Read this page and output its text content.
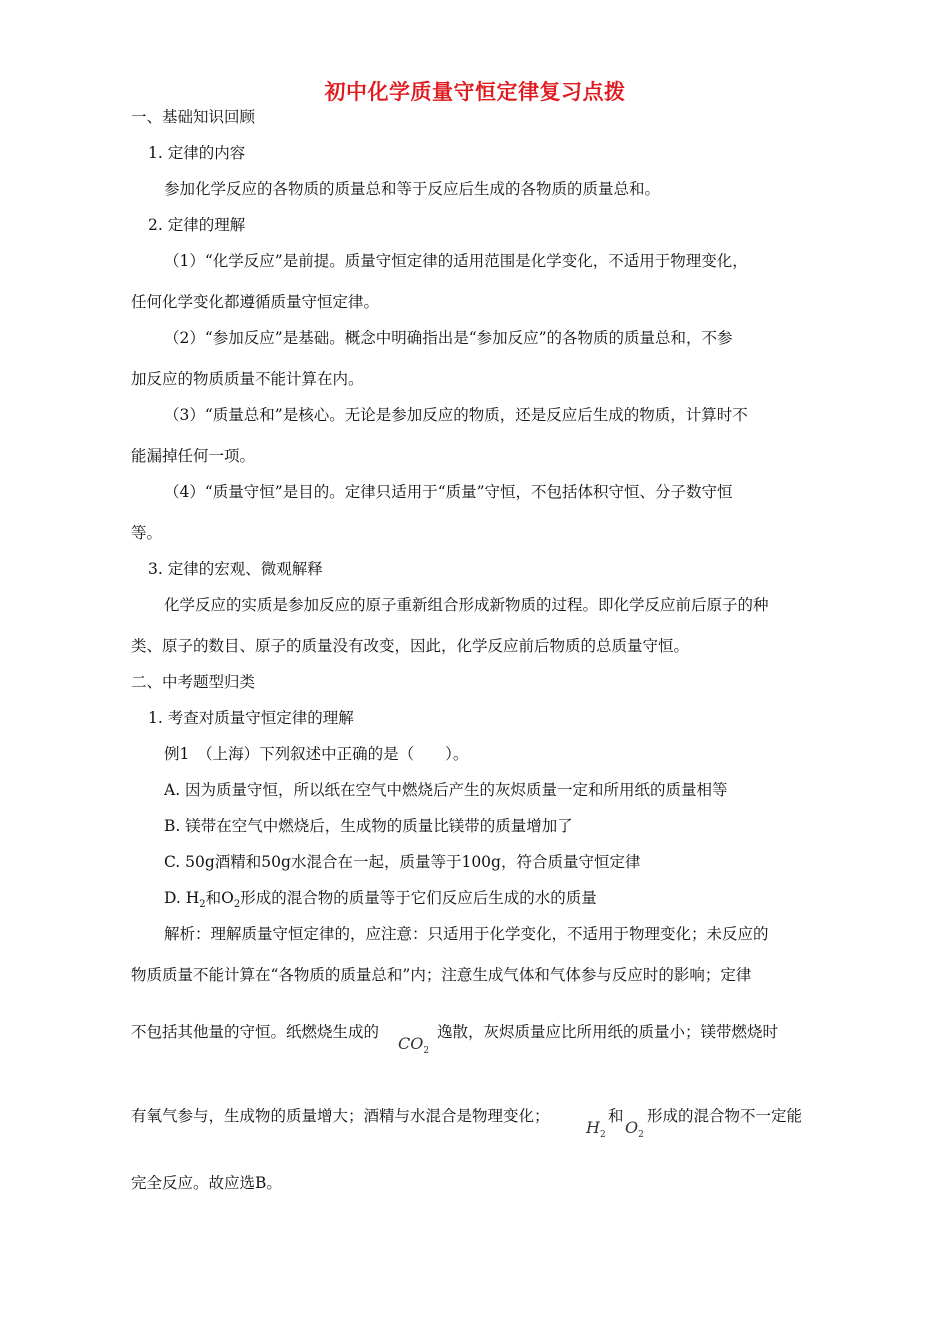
初中化学质量守恒定律复习点拨
一、基础知识回顾
1. 定律的内容
参加化学反应的各物质的质量总和等于反应后生成的各物质的质量总和。
2. 定律的理解
（1）“化学反应”是前提。质量守恒定律的适用范围是化学变化，不适用于物理变化，
任何化学变化都遵循质量守恒定律。
（2）“参加反应”是基础。概念中明确指出是“参加反应”的各物质的质量总和，不参
加反应的物质质量不能计算在内。
（3）“质量总和”是核心。无论是参加反应的物质，还是反应后生成的物质，计算时不
能漏掉任何一项。
（4）“质量守恒”是目的。定律只适用于“质量”守恒，不包括体积守恒、分子数守恒
等。
3. 定律的宏观、微观解释
化学反应的实质是参加反应的原子重新组合形成新物质的过程。即化学反应前后原子的种
类、原子的数目、原子的质量没有改变，因此，化学反应前后物质的总质量守恒。
二、中考题型归类
1. 考查对质量守恒定律的理解
例1　（上海）下列叙述中正确的是（　　）。
A. 因为质量守恒，所以纸在空气中燃烧后产生的灰烬质量一定和所用纸的质量相等
B. 镁带在空气中燃烧后，生成物的质量比镁带的质量增加了
C. 50g酒精和50g水混合在一起，质量等于100g，符合质量守恒定律
D. $H_2$和$O_2$形成的混合物的质量等于它们反应后生成的水的质量
解析：理解质量守恒定律的，应注意：只适用于化学变化，不适用于物理变化；未反应的
物质质量不能计算在“各物质的质量总和”内；注意生成气体和气体参与反应时的影响；定律
不包括其他量的守恒。纸燃烧生成的
$CO_2$
逸散，灰烬质量应比所用纸的质量小；镁带燃烧时
有氧气参与，生成物的质量增大；酒精与水混合是物理变化；
$H_2$
和
$O_2$
形成的混合物不一定能
完全反应。故应选B。
